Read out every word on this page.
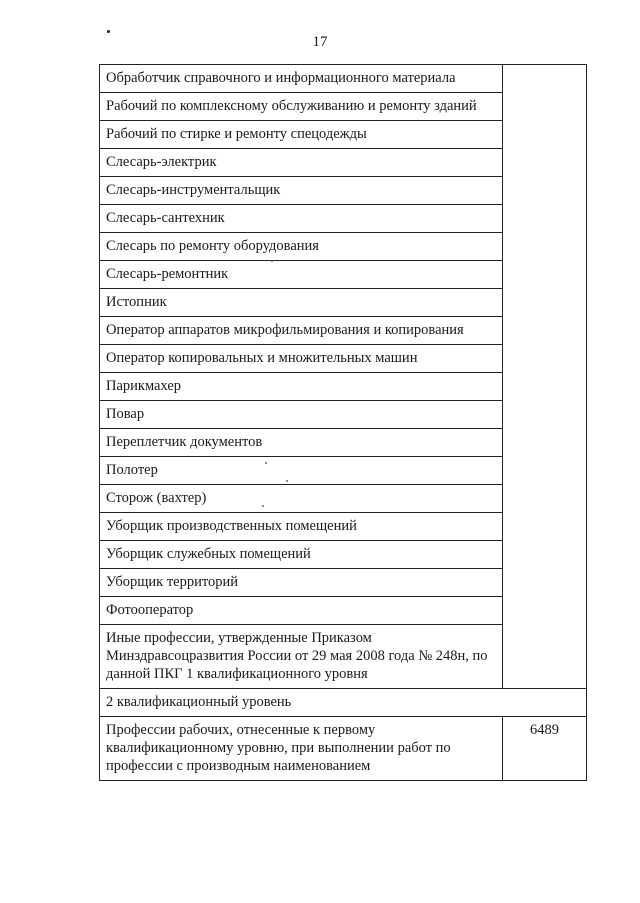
17
Обработчик справочного и информационного материала	
Рабочий по комплексному обслуживанию и ремонту зданий	
Рабочий по стирке и ремонту спецодежды	
Слесарь-электрик	
Слесарь-инструментальщик	
Слесарь-сантехник	
Слесарь по ремонту оборудования	
Слесарь-ремонтник	
Истопник	
Оператор аппаратов микрофильмирования и копирования	
Оператор копировальных и множительных машин	
Парикмахер	
Повар	
Переплетчик документов	
Полотер	
Сторож (вахтер)	
Уборщик производственных помещений	
Уборщик служебных помещений	
Уборщик территорий	
Фотооператор	
Иные профессии, утвержденные Приказом Минздравсоцразвития России от 29 мая 2008 года № 248н, по данной ПКГ 1 квалификационного уровня	
2 квалификационный уровень	
Профессии рабочих, отнесенные к первому квалификационному уровню, при выполнении работ по профессии с производным наименованием	6489
